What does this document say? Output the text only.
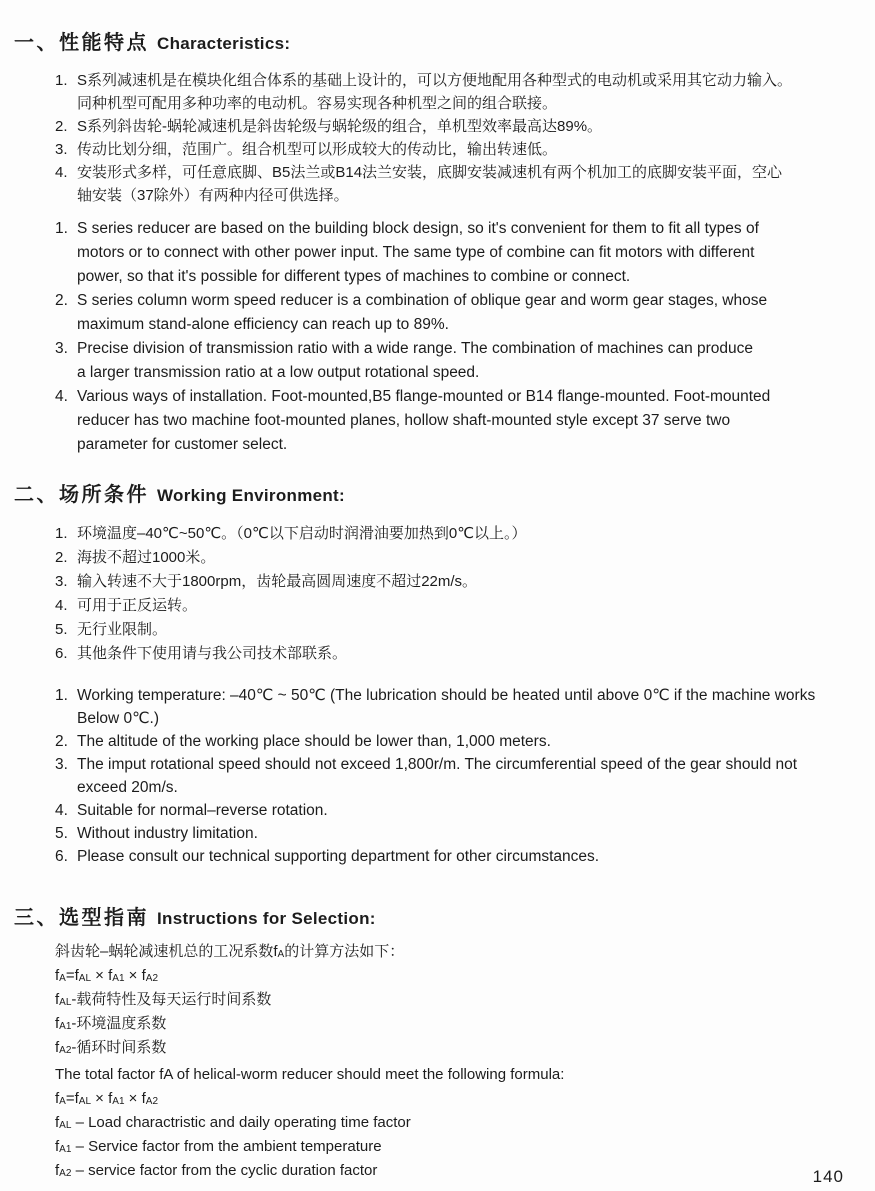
一、性能特点 Characteristics:
1. S系列减速机是在模块化组合体系的基础上设计的，可以方便地配用各种型式的电动机或采用其它动力输入。
同种机型可配用多种功率的电动机。容易实现各种机型之间的组合联接。
2. S系列斜齿轮-蜗轮减速机是斜齿轮级与蜗轮级的组合，单机型效率最高达89%。
3. 传动比划分细，范围广。组合机型可以形成较大的传动比，输出转速低。
4. 安装形式多样，可任意底脚、B5法兰或B14法兰安装，底脚安装减速机有两个机加工的底脚安装平面，空心
轴安装（37除外）有两种内径可供选择。
1. S series reducer are based on the building block design, so it's convenient for them to fit all types of
motors or to connect with other power input. The same type of combine can fit motors with different
power, so that it's possible for different types of machines to combine or connect.
2. S series column worm speed reducer is a combination of oblique gear and worm gear stages, whose
maximum stand-alone efficiency can reach up to 89%.
3. Precise division of transmission ratio with a wide range. The combination of machines can produce
a larger transmission ratio at a low output rotational speed.
4. Various ways of installation. Foot-mounted,B5 flange-mounted or B14 flange-mounted. Foot-mounted
reducer has two machine foot-mounted planes, hollow shaft-mounted style except 37 serve two
parameter for customer select.
二、场所条件 Working Environment:
1. 环境温度–40℃~50℃。（0℃以下启动时润滑油要加热到0℃以上。）
2. 海拔不超过1000米。
3. 输入转速不大于1800rpm，齿轮最高圆周速度不超过22m/s。
4. 可用于正反运转。
5. 无行业限制。
6. 其他条件下使用请与我公司技术部联系。
1. Working temperature: –40℃ ~ 50℃ (The lubrication should be heated until above 0℃ if the machine works
Below 0℃.)
2. The altitude of the working place should be lower than, 1,000 meters.
3. The imput rotational speed should not exceed 1,800r/m. The circumferential speed of the gear should not
exceed 20m/s.
4. Suitable for normal–reverse rotation.
5. Without industry limitation.
6. Please consult our technical supporting department for other circumstances.
三、选型指南 Instructions for Selection:
斜齿轮–蜗轮减速机总的工况系数$f_A$的计算方法如下：
$f_A=f_{AL} \times f_{A1} \times f_{A2}$
$f_{AL}-$载荷特性及每天运行时间系数
$f_{A1}-$环境温度系数
$f_{A2}-$循环时间系数
The total factor fA of helical-worm reducer should meet the following formula:
$f_A=f_{AL} \times f_{A1} \times f_{A2}$
$f_{AL}$ – Load charactristic and daily operating time factor
$f_{A1}$ – Service factor from the ambient temperature
$f_{A2}$ – service factor from the cyclic duration factor	140
